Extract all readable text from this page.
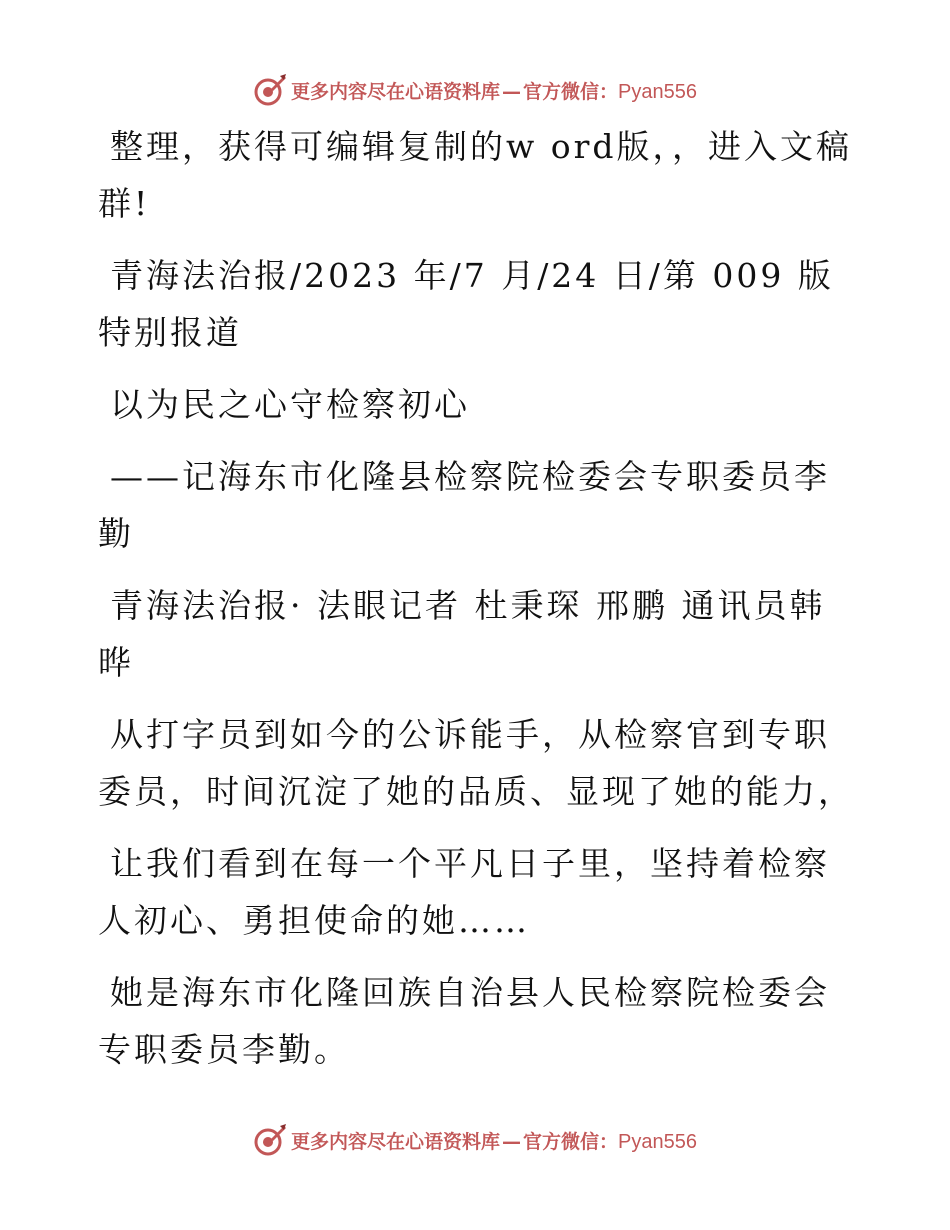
更多内容尽在心语资料库 — 官方微信：Pyan556

整理，获得可编辑复制的w ord版，，进入文稿群!

青海法治报/2023 年/7 月/24 日/第 009 版特别报道

以为民之心守检察初心

——记海东市化隆县检察院检委会专职委员李勤

青海法治报· 法眼记者 杜秉琛 邢鹏 通讯员韩晔

从打字员到如今的公诉能手，从检察官到专职委员，时间沉淀了她的品质、显现了她的能力，

让我们看到在每一个平凡日子里，坚持着检察人初心、勇担使命的她……

她是海东市化隆回族自治县人民检察院检委会专职委员李勤。

更多内容尽在心语资料库 — 官方微信：Pyan556
